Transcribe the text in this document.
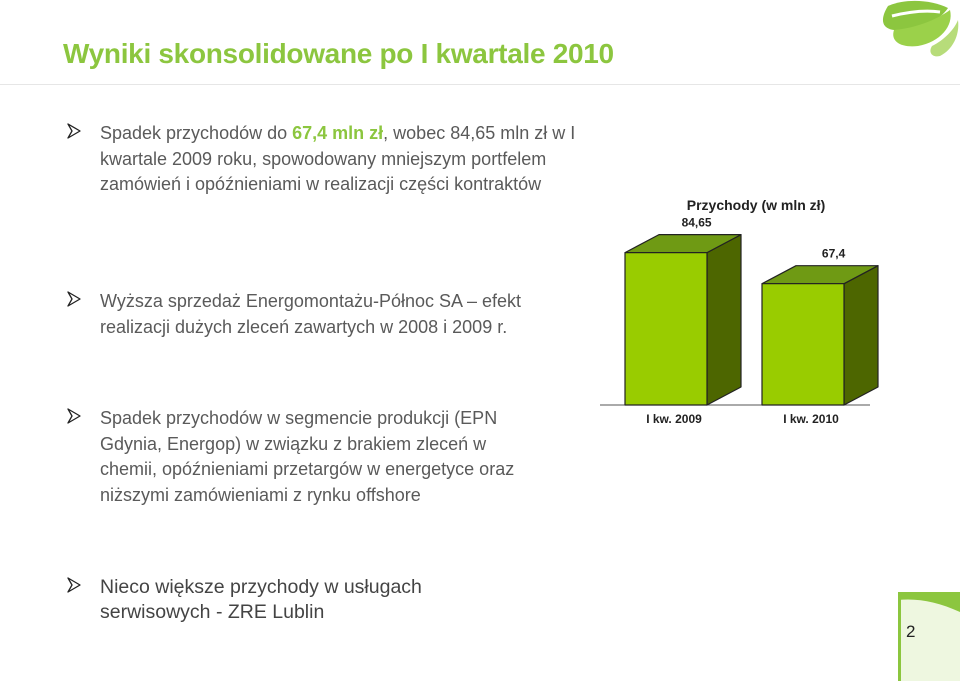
Wyniki skonsolidowane po I kwartale 2010

Spadek przychodów do 67,4 mln zł, wobec 84,65 mln zł w I kwartale 2009 roku, spowodowany mniejszym portfelem zamówień i opóźnieniami w realizacji części kontraktów

Wyższa sprzedaż Energomontażu-Północ SA – efekt realizacji dużych zleceń zawartych w 2008 i 2009 r.

Spadek przychodów w segmencie produkcji (EPN Gdynia, Energop) w związku z brakiem zleceń w chemii, opóźnieniami przetargów w energetyce oraz niższymi zamówieniami z rynku offshore

Nieco większe przychody w usługach serwisowych - ZRE Lublin

Przychody (w mln zł)
84,65
67,4
I kw. 2009	I kw. 2010
2
